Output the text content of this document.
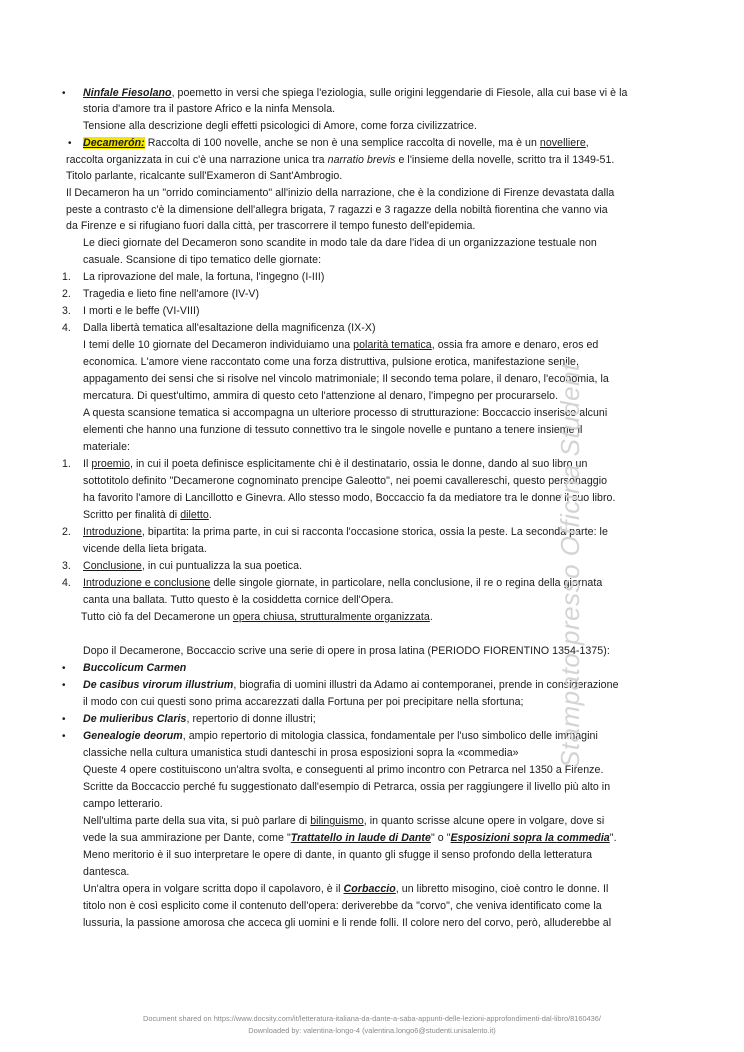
• Ninfale Fiesolano, poemetto in versi che spiega l'eziologia, sulle origini leggendarie di Fiesole, alla cui base vi è la
storia d'amore tra il pastore Africo e la ninfa Mensola.
Tensione alla descrizione degli effetti psicologici di Amore, come forza civilizzatrice.
• Decamerón: Raccolta di 100 novelle, anche se non è una semplice raccolta di novelle, ma è un novelliere,
raccolta organizzata in cui c'è una narrazione unica tra narratio brevis e l'insieme della novelle, scritto tra il 1349-51.
Titolo parlante, ricalcante sull'Exameron di Sant'Ambrogio.
Il Decameron ha un "orrido cominciamento" all'inizio della narrazione, che è la condizione di Firenze devastata dalla
peste a contrasto c'è la dimensione dell'allegra brigata, 7 ragazzi e 3 ragazze della nobiltà fiorentina che vanno via
da Firenze e si rifugiano fuori dalla città, per trascorrere il tempo funesto dell'epidemia.
Le dieci giornate del Decameron sono scandite in modo tale da dare l'idea di un organizzazione testuale non
casuale. Scansione di tipo tematico delle giornate:
1. La riprovazione del male, la fortuna, l'ingegno (I-III)
2. Tragedia e lieto fine nell'amore (IV-V)
3. I morti e le beffe (VI-VIII)
4. Dalla libertà tematica all'esaltazione della magnificenza (IX-X)
I temi delle 10 giornate del Decameron individuiamo una polarità tematica, ossia fra amore e denaro, eros ed
economica. L'amore viene raccontato come una forza distruttiva, pulsione erotica, manifestazione senile,
appagamento dei sensi che si risolve nel vincolo matrimoniale; Il secondo tema polare, il denaro, l'economia, la
mercatura. Di quest'ultimo, ammira di questo ceto l'attenzione al denaro, l'impegno per procurarselo.
A questa scansione tematica si accompagna un ulteriore processo di strutturazione: Boccaccio inserisce alcuni
elementi che hanno una funzione di tessuto connettivo tra le singole novelle e puntano a tenere insieme il
materiale:
1. Il proemio, in cui il poeta definisce esplicitamente chi è il destinatario, ossia le donne, dando al suo libro un
sottotitolo definito "Decamerone cognominato prencipe Galeotto", nei poemi cavallereschi, questo personaggio
ha favorito l'amore di Lancillotto e Ginevra. Allo stesso modo, Boccaccio fa da mediatore tra le donne il suo libro.
Scritto per finalità di diletto.
2. Introduzione, bipartita: la prima parte, in cui si racconta l'occasione storica, ossia la peste. La seconda parte: le
vicende della lieta brigata.
3. Conclusione, in cui puntualizza la sua poetica.
4. Introduzione e conclusione delle singole giornate, in particolare, nella conclusione, il re o regina della giornata
canta una ballata. Tutto questo è la cosiddetta cornice dell'Opera.
Tutto ciò fa del Decamerone un opera chiusa, strutturalmente organizzata.
Dopo il Decamerone, Boccaccio scrive una serie di opere in prosa latina (PERIODO FIORENTINO 1354-1375):
• Buccolicum Carmen
• De casibus virorum illustrium, biografia di uomini illustri da Adamo ai contemporanei, prende in considerazione
il modo con cui questi sono prima accarezzati dalla Fortuna per poi precipitare nella sfortuna;
• De mulieribus Claris, repertorio di donne illustri;
• Genealogie deorum, ampio repertorio di mitologia classica, fondamentale per l'uso simbolico delle immagini
classiche nella cultura umanistica studi danteschi in prosa esposizioni sopra la «commedia»
Queste 4 opere costituiscono un'altra svolta, e conseguenti al primo incontro con Petrarca nel 1350 a Firenze.
Scritte da Boccaccio perché fu suggestionato dall'esempio di Petrarca, ossia per raggiungere il livello più alto in
campo letterario.
Nell'ultima parte della sua vita, si può parlare di bilinguismo, in quanto scrisse alcune opere in volgare, dove si
vede la sua ammirazione per Dante, come "Trattatello in laude di Dante" o "Esposizioni sopra la commedia".
Meno meritorio è il suo interpretare le opere di dante, in quanto gli sfugge il senso profondo della letteratura
dantesca.
Un'altra opera in volgare scritta dopo il capolavoro, è il Corbaccio, un libretto misogino, cioè contro le donne. Il
titolo non è così esplicito come il contenuto dell'opera: deriverebbe da "corvo", che veniva identificato come la
lussuria, la passione amorosa che acceca gli uomini e li rende folli. Il colore nero del corvo, però, alluderebbe al
Stampato presso Officina Student
Document shared on https://www.docsity.com/it/letteratura-italiana-da-dante-a-saba-appunti-delle-lezioni-approfondimenti-dal-libro/8160436/
Downloaded by: valentina-longo-4 (valentina.longo6@studenti.unisalento.it)
